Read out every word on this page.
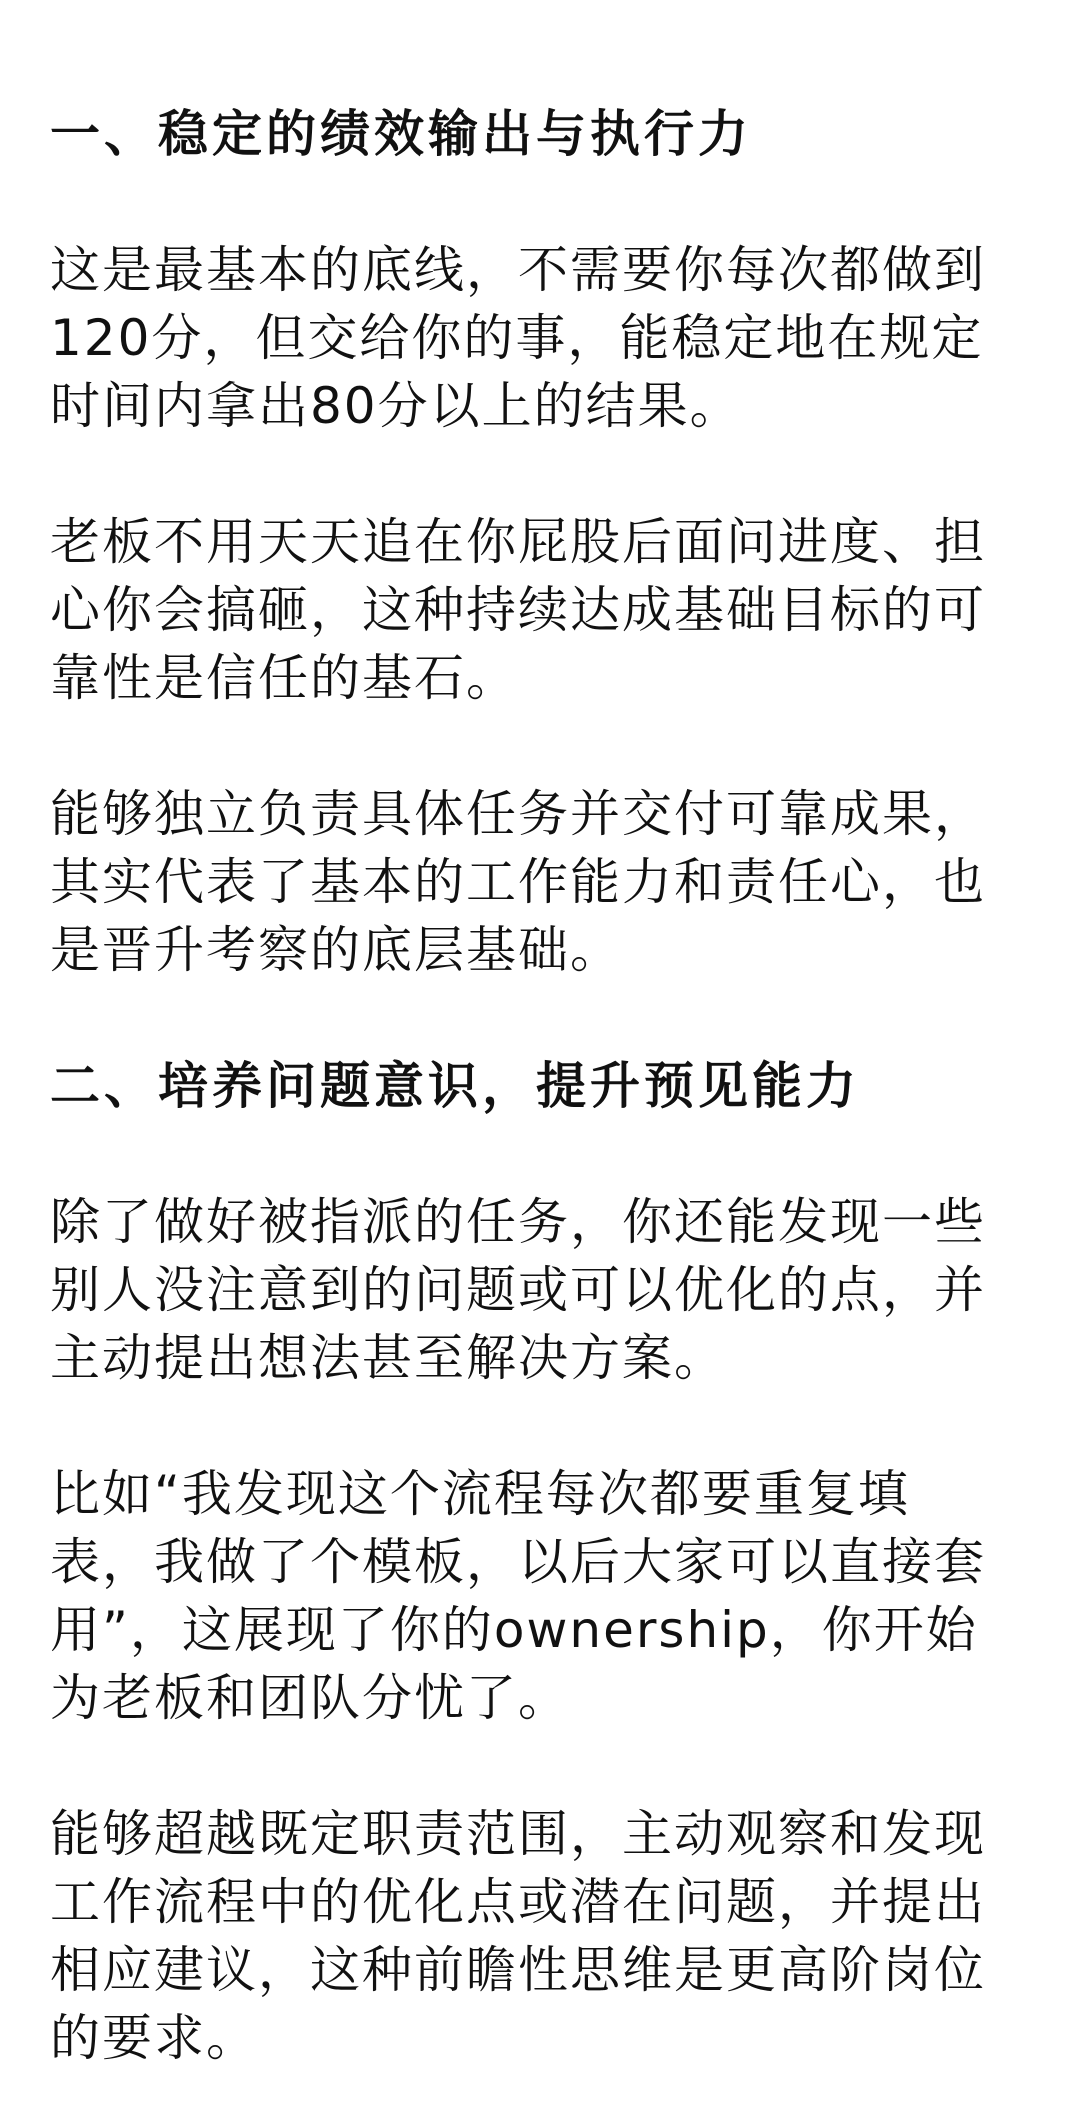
一、稳定的绩效输出与执行力

这是最基本的底线，不需要你每次都做到
120分，但交给你的事，能稳定地在规定
时间内拿出80分以上的结果。

老板不用天天追在你屁股后面问进度、担
心你会搞砸，这种持续达成基础目标的可
靠性是信任的基石。

能够独立负责具体任务并交付可靠成果，
其实代表了基本的工作能力和责任心，也
是晋升考察的底层基础。

二、培养问题意识，提升预见能力

除了做好被指派的任务，你还能发现一些
别人没注意到的问题或可以优化的点，并
主动提出想法甚至解决方案。

比如“我发现这个流程每次都要重复填
表，我做了个模板，以后大家可以直接套
用”，这展现了你的ownership，你开始
为老板和团队分忧了。

能够超越既定职责范围，主动观察和发现
工作流程中的优化点或潜在问题，并提出
相应建议，这种前瞻性思维是更高阶岗位
的要求。
